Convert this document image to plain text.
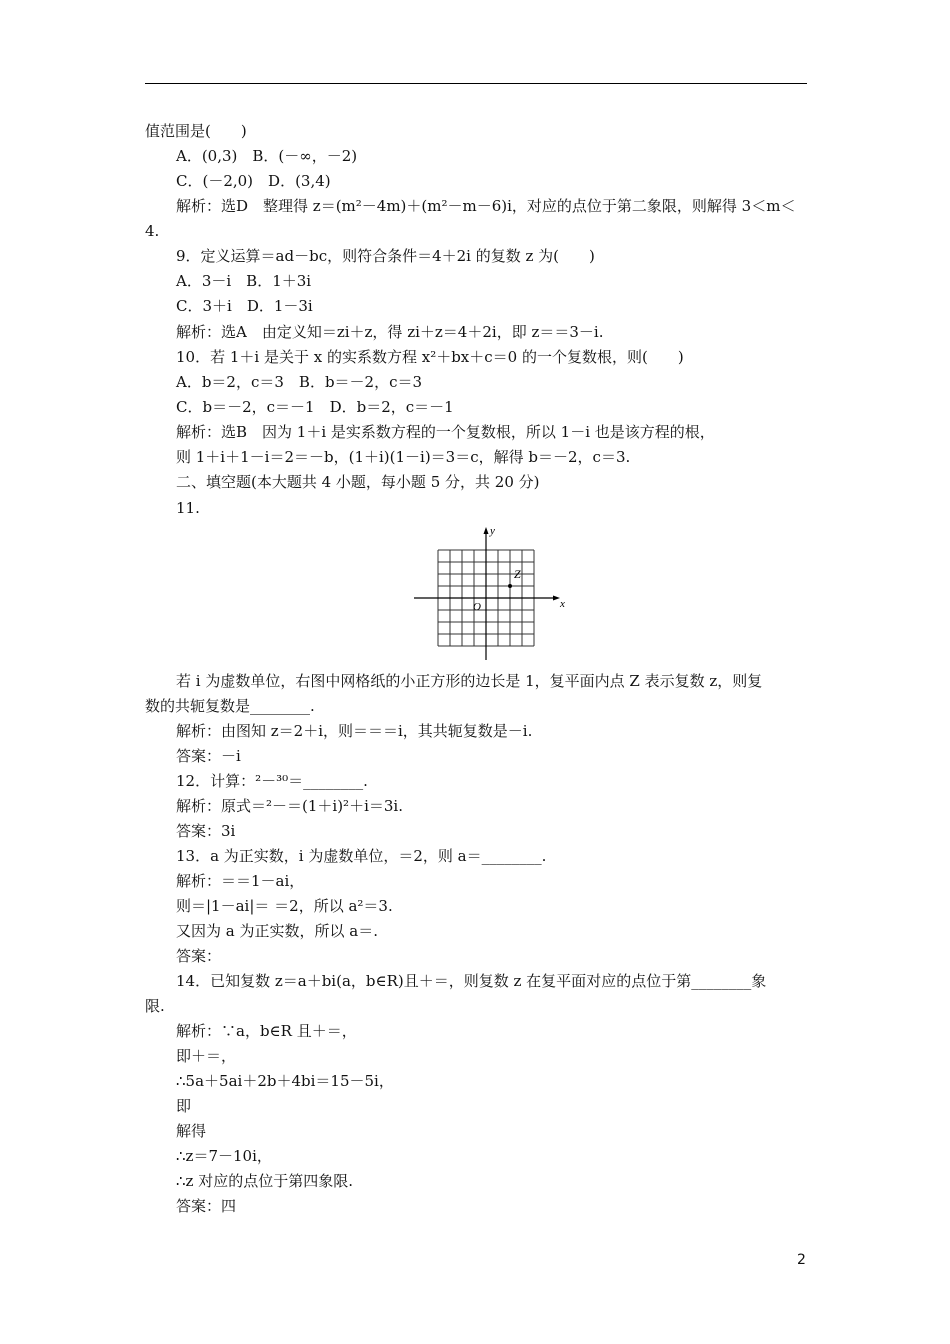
值范围是(　　)
A．(0,3)　B．(－∞，－2)
C．(－2,0)　D．(3,4)
解析：选D　整理得 z＝(m²－4m)＋(m²－m－6)i，对应的点位于第二象限，则解得 3＜m＜
4.
9．定义运算＝ad－bc，则符合条件＝4＋2i 的复数 z 为(　　)
A．3－i　B．1＋3i
C．3＋i　D．1－3i
解析：选A　由定义知＝zi＋z，得 zi＋z＝4＋2i，即 z＝＝3－i.
10．若 1＋i 是关于 x 的实系数方程 x²＋bx＋c＝0 的一个复数根，则(　　)
A．b＝2，c＝3　B．b＝－2，c＝3
C．b＝－2，c＝－1　D．b＝2，c＝－1
解析：选B　因为 1＋i 是实系数方程的一个复数根，所以 1－i 也是该方程的根，
则 1＋i＋1－i＝2＝－b，(1＋i)(1－i)＝3＝c，解得 b＝－2，c＝3.
二、填空题(本大题共 4 小题，每小题 5 分，共 20 分)
11.
x
y
O
Z
若 i 为虚数单位，右图中网格纸的小正方形的边长是 1，复平面内点 Z 表示复数 z，则复
数的共轭复数是________.
解析：由图知 z＝2＋i，则＝＝＝i，其共轭复数是－i.
答案：－i
12．计算：²－³⁰＝________.
解析：原式＝²－＝(1＋i)²＋i＝3i.
答案：3i
13．a 为正实数，i 为虚数单位，＝2，则 a＝________.
解析：＝＝1－ai，
则＝|1－ai|＝ ＝2，所以 a²＝3.
又因为 a 为正实数，所以 a＝.
答案：
14．已知复数 z＝a＋bi(a，b∈R)且＋＝，则复数 z 在复平面对应的点位于第________象
限.
解析：∵a，b∈R 且＋＝，
即＋＝，
∴5a＋5ai＋2b＋4bi＝15－5i，
即
解得
∴z＝7－10i，
∴z 对应的点位于第四象限.
答案：四
2
